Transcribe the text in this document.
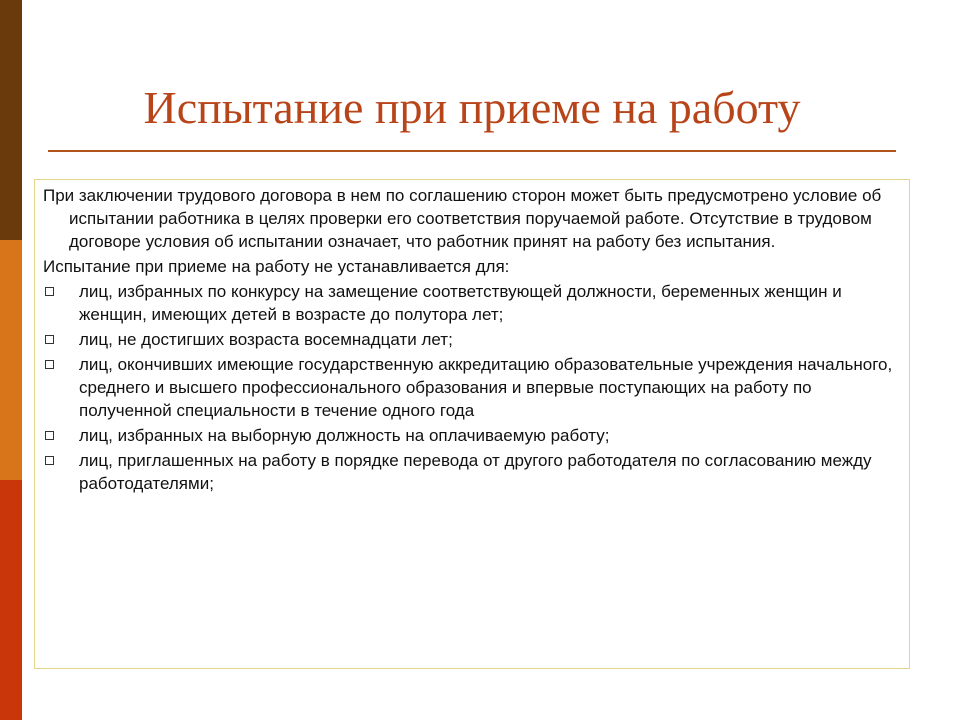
Испытание при приеме на работу

При заключении трудового договора в нем по соглашению сторон может быть предусмотрено условие об испытании работника в целях проверки его соответствия поручаемой работе. Отсутствие в трудовом договоре условия об испытании означает, что работник принят на работу без испытания.

Испытание при приеме на работу не устанавливается для:

лиц, избранных по конкурсу на замещение соответствующей должности, беременных женщин и женщин, имеющих детей в возрасте до полутора лет;
лиц, не достигших возраста восемнадцати лет;
лиц, окончивших имеющие государственную аккредитацию образовательные учреждения начального, среднего и высшего профессионального образования и впервые поступающих на работу по полученной специальности в течение одного года
лиц, избранных на выборную должность на оплачиваемую работу;
лиц, приглашенных на работу в порядке перевода от другого работодателя по согласованию между работодателями;
